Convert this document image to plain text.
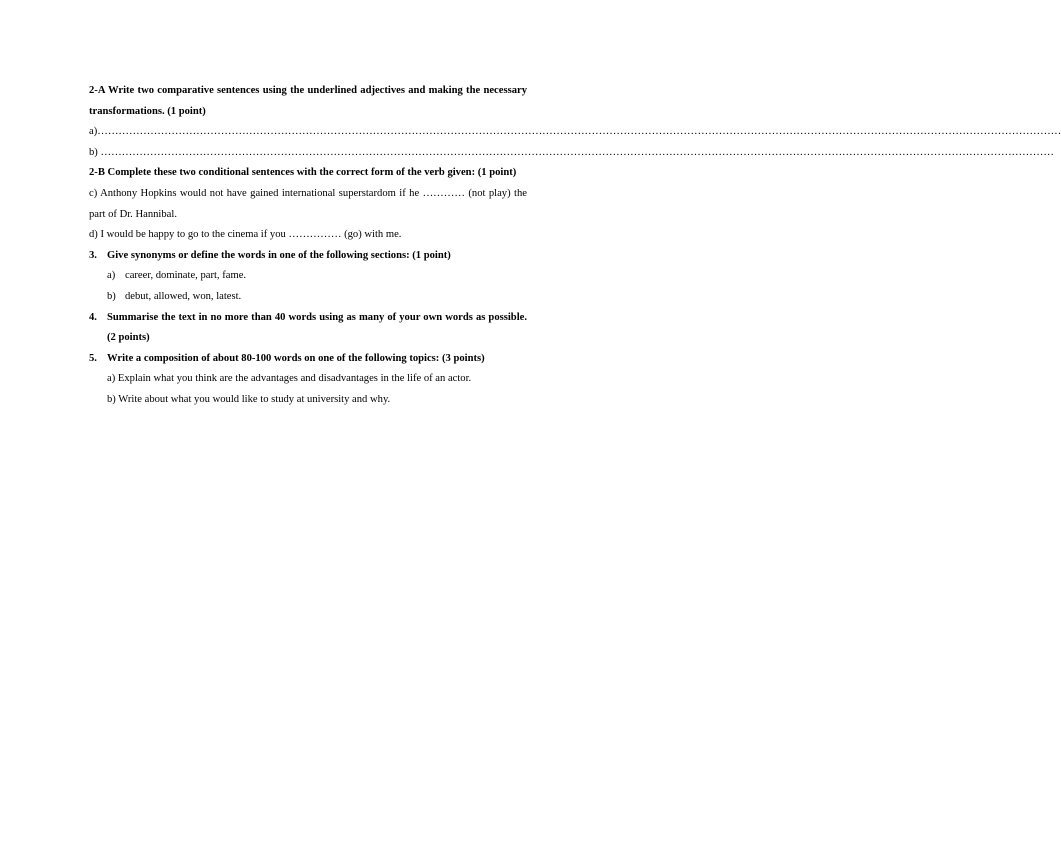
2-A Write two comparative sentences using the underlined adjectives and making the necessary transformations. (1 point)

a)…………………………………………………………………………………………………………………………………………………………………………………………………………………………………………………

b) ………………………………………………………………………………………………………………………………………………………………………………………………………………………………………………

2-B Complete these two conditional sentences with the correct form of the verb given: (1 point)

c) Anthony Hopkins would not have gained international superstardom if he ………… (not play) the part of Dr. Hannibal.

d) I would be happy to go to the cinema if you …………… (go) with me.

3. Give synonyms or define the words in one of the following sections: (1 point)
a) career, dominate, part, fame.
b) debut, allowed, won, latest.
4. Summarise the text in no more than 40 words using as many of your own words as possible. (2 points)
5. Write a composition of about 80-100 words on one of the following topics: (3 points)

a) Explain what you think are the advantages and disadvantages in the life of an actor.

b) Write about what you would like to study at university and why.
